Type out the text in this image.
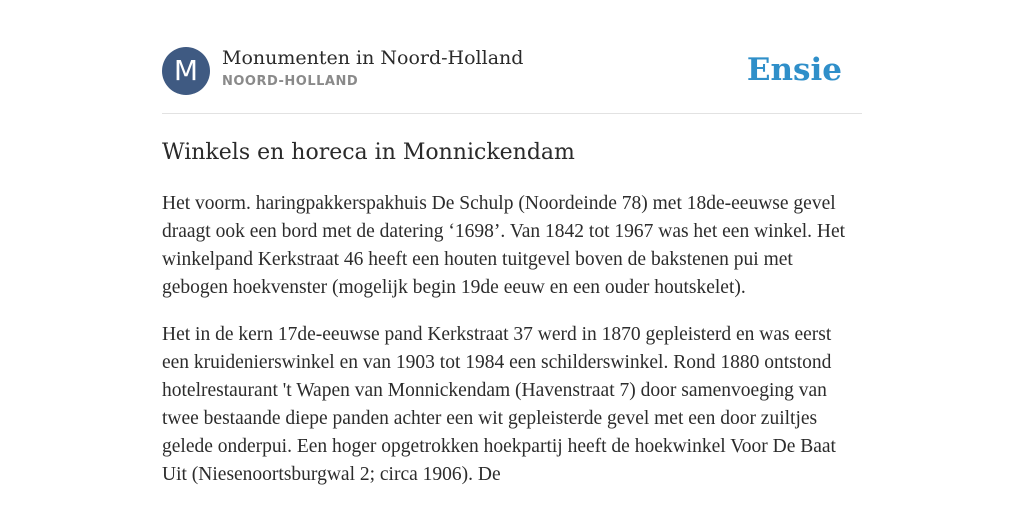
M	Monumenten in Noord-Holland
NOORD-HOLLAND	Ensie
Winkels en horeca in Monnickendam

Het voorm. haringpakkerspakhuis De Schulp (Noordeinde 78) met 18de-eeuwse gevel draagt ook een bord met de datering ‘1698’. Van 1842 tot 1967 was het een winkel. Het winkelpand Kerkstraat 46 heeft een houten tuitgevel boven de bakstenen pui met gebogen hoekvenster (mogelijk begin 19de eeuw en een ouder houtskelet).

Het in de kern 17de-eeuwse pand Kerkstraat 37 werd in 1870 gepleisterd en was eerst een kruidenierswinkel en van 1903 tot 1984 een schilderswinkel. Rond 1880 ontstond hotelrestaurant 't Wapen van Monnickendam (Havenstraat 7) door samenvoeging van twee bestaande diepe panden achter een wit gepleisterde gevel met een door zuiltjes gelede onderpui. Een hoger opgetrokken hoekpartij heeft de hoekwinkel Voor De Baat Uit (Niesenoortsburgwal 2; circa 1906). De
